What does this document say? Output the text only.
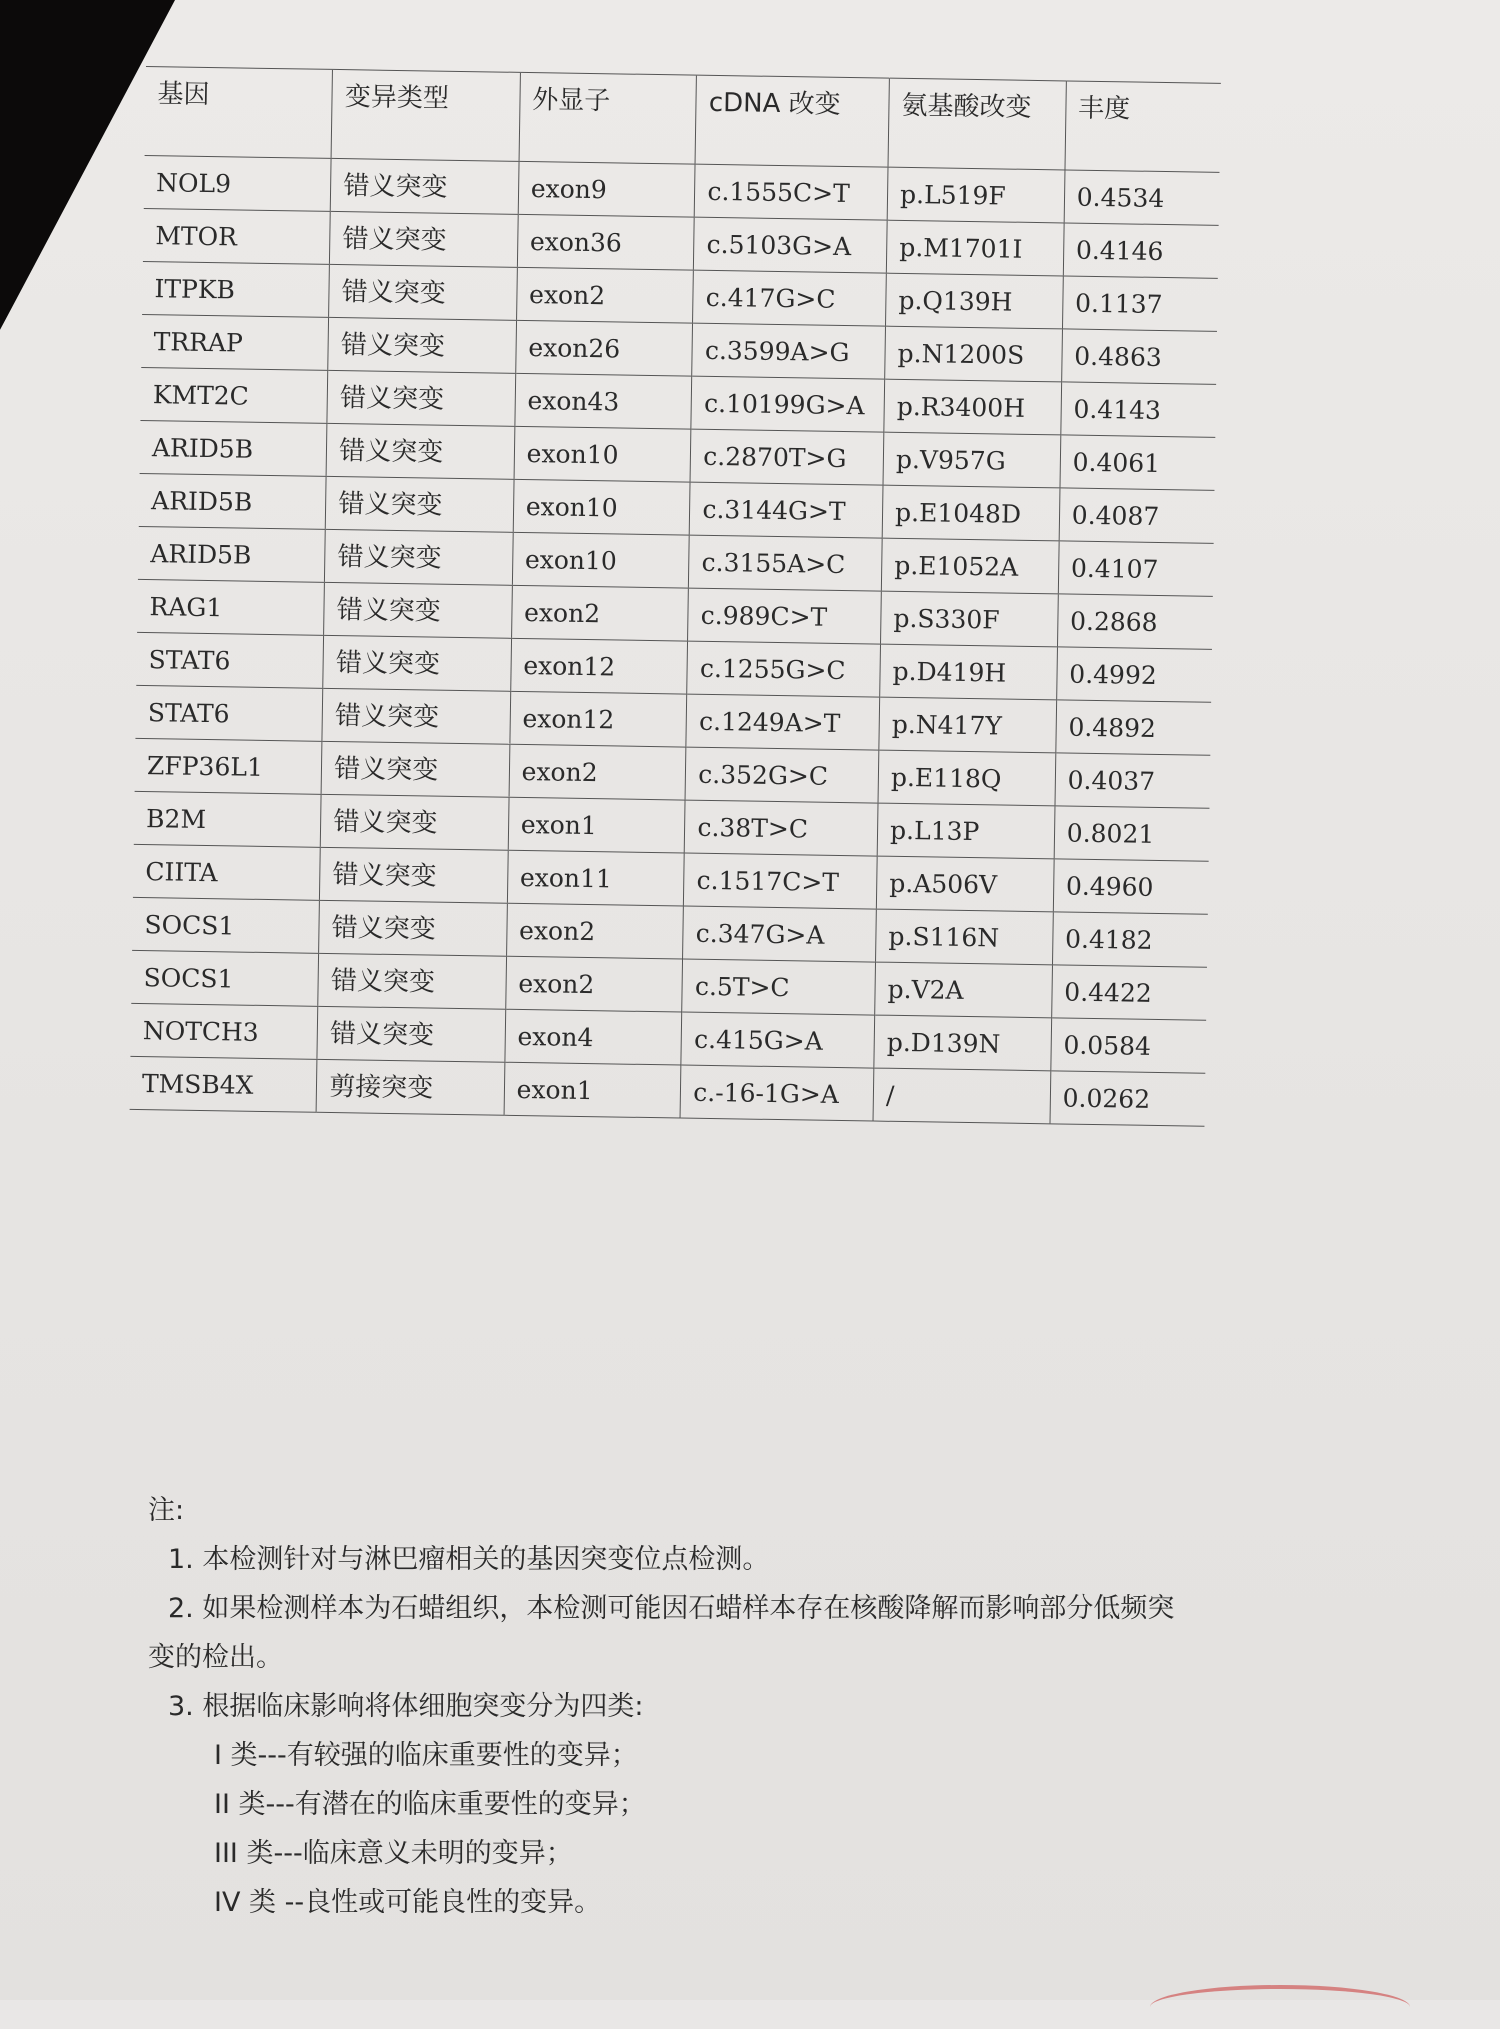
基因	变异类型	外显子	cDNA 改变	氨基酸改变	丰度
NOL9	错义突变	exon9	c.1555C>T	p.L519F	0.4534
MTOR	错义突变	exon36	c.5103G>A	p.M1701I	0.4146
ITPKB	错义突变	exon2	c.417G>C	p.Q139H	0.1137
TRRAP	错义突变	exon26	c.3599A>G	p.N1200S	0.4863
KMT2C	错义突变	exon43	c.10199G>A	p.R3400H	0.4143
ARID5B	错义突变	exon10	c.2870T>G	p.V957G	0.4061
ARID5B	错义突变	exon10	c.3144G>T	p.E1048D	0.4087
ARID5B	错义突变	exon10	c.3155A>C	p.E1052A	0.4107
RAG1	错义突变	exon2	c.989C>T	p.S330F	0.2868
STAT6	错义突变	exon12	c.1255G>C	p.D419H	0.4992
STAT6	错义突变	exon12	c.1249A>T	p.N417Y	0.4892
ZFP36L1	错义突变	exon2	c.352G>C	p.E118Q	0.4037
B2M	错义突变	exon1	c.38T>C	p.L13P	0.8021
CIITA	错义突变	exon11	c.1517C>T	p.A506V	0.4960
SOCS1	错义突变	exon2	c.347G>A	p.S116N	0.4182
SOCS1	错义突变	exon2	c.5T>C	p.V2A	0.4422
NOTCH3	错义突变	exon4	c.415G>A	p.D139N	0.0584
TMSB4X	剪接突变	exon1	c.-16-1G>A	/	0.0262

注:

1. 本检测针对与淋巴瘤相关的基因突变位点检测。

2. 如果检测样本为石蜡组织，本检测可能因石蜡样本存在核酸降解而影响部分低频突

变的检出。

3. 根据临床影响将体细胞突变分为四类:

I 类---有较强的临床重要性的变异；

II 类---有潜在的临床重要性的变异；

III 类---临床意义未明的变异；

IV 类 --良性或可能良性的变异。
